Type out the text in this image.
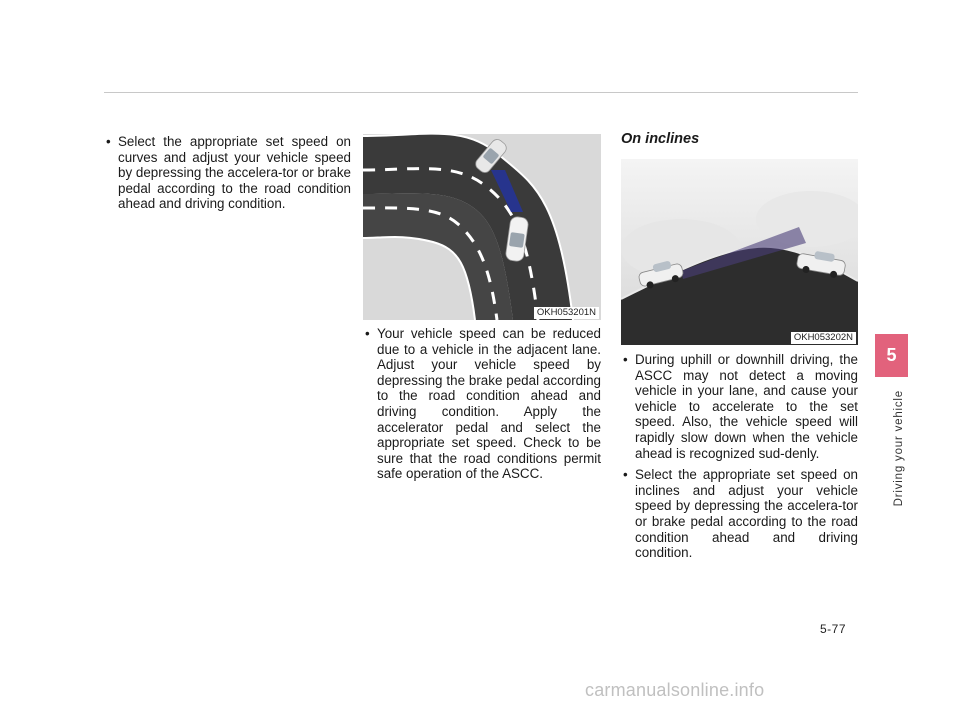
• Select the appropriate set speed on curves and adjust your vehicle speed by depressing the accelera-tor or brake pedal according to the road condition ahead and driving condition.

OKH053201N

• Your vehicle speed can be reduced due to a vehicle in the adjacent lane. Adjust your vehicle speed by depressing the brake pedal according to the road condition ahead and driving condition. Apply the accelerator pedal and select the appropriate set speed. Check to be sure that the road conditions permit safe operation of the ASCC.

On inclines
OKH053202N

• During uphill or downhill driving, the ASCC may not detect a moving vehicle in your lane, and cause your vehicle to accelerate to the set speed. Also, the vehicle speed will rapidly slow down when the vehicle ahead is recognized sud-denly.

• Select the appropriate set speed on inclines and adjust your vehicle speed by depressing the accelera-tor or brake pedal according to the road condition ahead and driving condition.

5
Driving your vehicle
5-77
carmanualsonline.info
